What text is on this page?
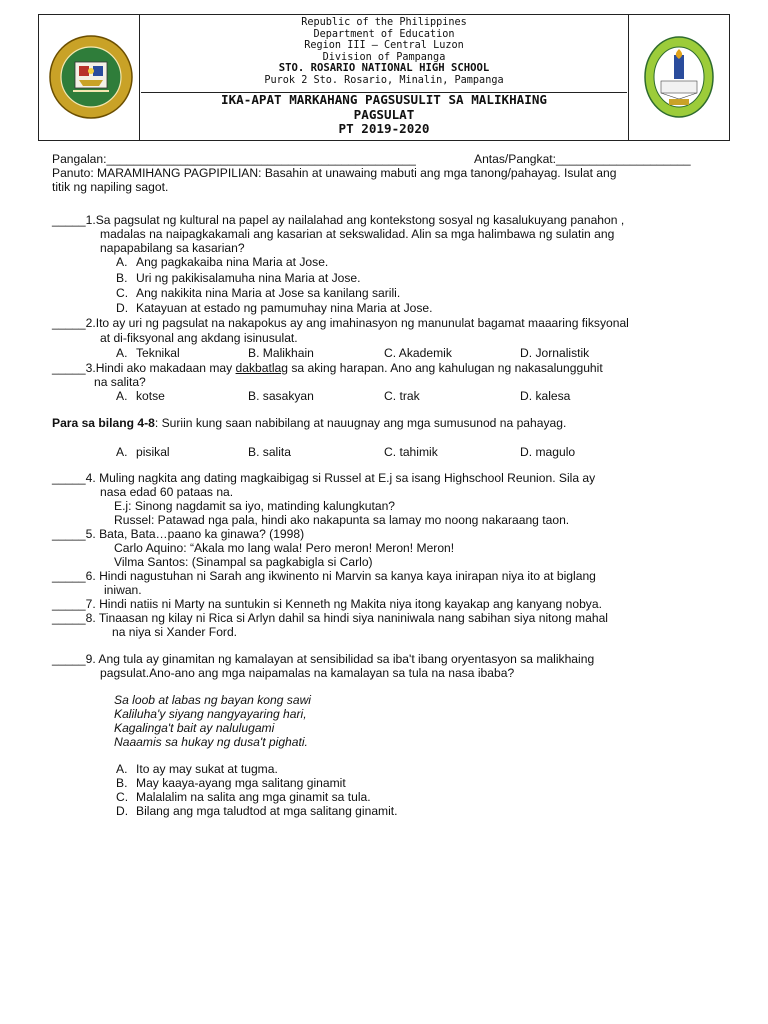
Republic of the Philippines
Department of Education
Region III – Central Luzon
Division of Pampanga
STO. ROSARIO NATIONAL HIGH SCHOOL
Purok 2 Sto. Rosario, Minalin, Pampanga
IKA-APAT MARKAHANG PAGSUSULIT SA MALIKHAING
PAGSULAT
PT 2019-2020
Pangalan:______________________________________________	Antas/Pangkat:____________________
Panuto: MARAMIHANG PAGPIPILIAN: Basahin at unawaing mabuti ang mga tanong/pahayag. Isulat ang
titik ng napiling sagot.
_____1.Sa pagsulat ng kultural na papel ay nailalahad ang kontekstong sosyal ng kasalukuyang panahon ,
madalas na naipagkakamali ang kasarian at sekswalidad. Alin sa mga halimbawa ng sulatin ang
napapabilang sa kasarian?
A. Ang pagkakaiba nina Maria at Jose.
B. Uri ng pakikisalamuha nina Maria at Jose.
C. Ang nakikita nina Maria at Jose sa kanilang sarili.
D. Katayuan at estado ng pamumuhay nina Maria at Jose.
_____2.Ito ay uri ng pagsulat na nakapokus ay ang imahinasyon ng manunulat bagamat maaaring fiksyonal
at di-fiksyonal ang akdang isinusulat.
A. Teknikal	B. Malikhain	C. Akademik	D. Jornalistik
_____3.Hindi ako makadaan may dakbatlag sa aking harapan. Ano ang kahulugan ng nakasalungguhit
na salita?
A. kotse	B. sasakyan	C. trak	D. kalesa
Para sa bilang 4-8: Suriin kung saan nabibilang at nauugnay ang mga sumusunod na pahayag.
A. pisikal	B. salita	C. tahimik	D. magulo
_____4. Muling nagkita ang dating magkaibigag si Russel at E.j sa isang Highschool Reunion. Sila ay
nasa edad 60 pataas na.
E.j: Sinong nagdamit sa iyo, matinding kalungkutan?
Russel: Patawad nga pala, hindi ako nakapunta sa lamay mo noong nakaraang taon.
_____5. Bata, Bata…paano ka ginawa? (1998)
Carlo Aquino: “Akala mo lang wala! Pero meron! Meron! Meron!
Vilma Santos: (Sinampal sa pagkabigla si Carlo)
_____6. Hindi nagustuhan ni Sarah ang ikwinento ni Marvin sa kanya kaya inirapan niya ito at biglang
iniwan.
_____7. Hindi natiis ni Marty na suntukin si Kenneth ng Makita niya itong kayakap ang kanyang nobya.
_____8. Tinaasan ng kilay ni Rica si Arlyn dahil sa hindi siya naniniwala nang sabihan siya nitong mahal
na niya si Xander Ford.
_____9. Ang tula ay ginamitan ng kamalayan at sensibilidad sa iba't ibang oryentasyon sa malikhaing
pagsulat.Ano-ano ang mga naipamalas na kamalayan sa tula na nasa ibaba?
Sa loob at labas ng bayan kong sawi
Kaliluha'y siyang nangyayaring hari,
Kagalinga't bait ay nalulugami
Naaamis sa hukay ng dusa't pighati.
A. Ito ay may sukat at tugma.
B. May kaaya-ayang mga salitang ginamit
C. Malalalim na salita ang mga ginamit sa tula.
D. Bilang ang mga taludtod at mga salitang ginamit.
